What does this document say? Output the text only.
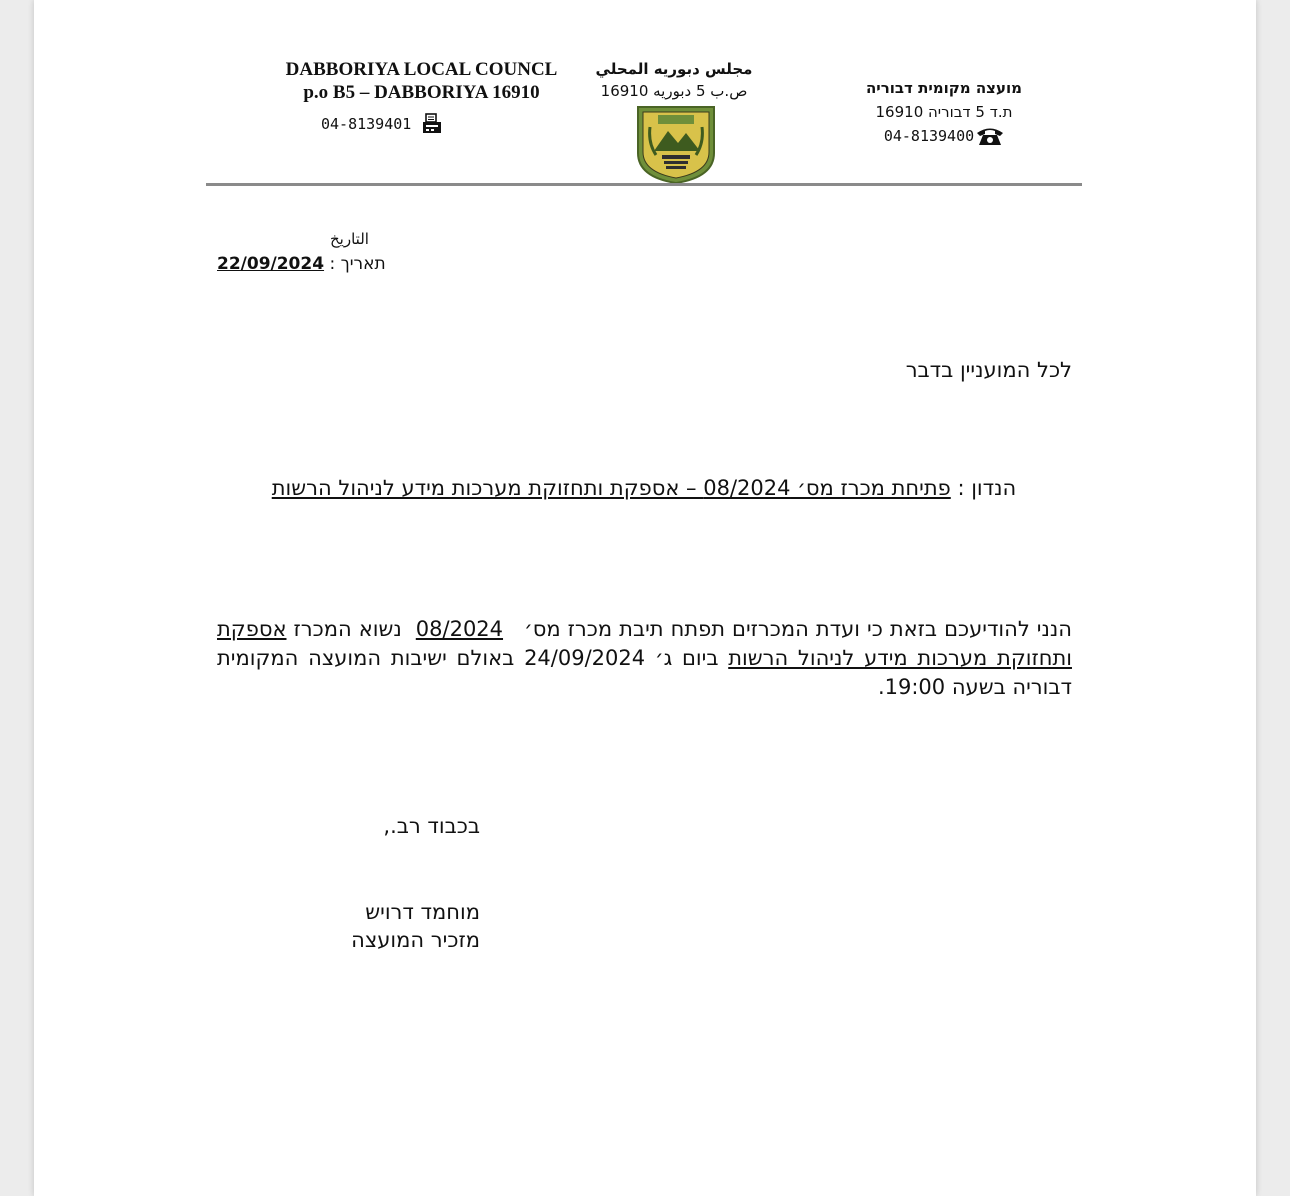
DABBORIYA LOCAL COUNCL
p.o B5 – DABBORIYA 16910
04-8139401
مجلس دبوريه المحلي
ص.ب 5 دبوريه 16910	מועצה מקומית דבוריה
ת.ד 5 דבוריה 16910
04-8139400
التاريخ
תאריך : 22/09/2024
לכל המועניין בדבר
הנדון : פתיחת מכרז מס׳ 08/2024 – אספקת ותחזוקת מערכות מידע לניהול הרשות
הנני להודיעכם בזאת כי ועדת המכרזים תפתח תיבת מכרז מס׳   08/2024  נשוא המכרז אספקת ותחזוקת מערכות מידע לניהול הרשות ביום ג׳ 24/09/2024 באולם ישיבות המועצה המקומית דבוריה בשעה 19:00.
בכבוד רב.,
מוחמד דרויש
מזכיר המועצה
